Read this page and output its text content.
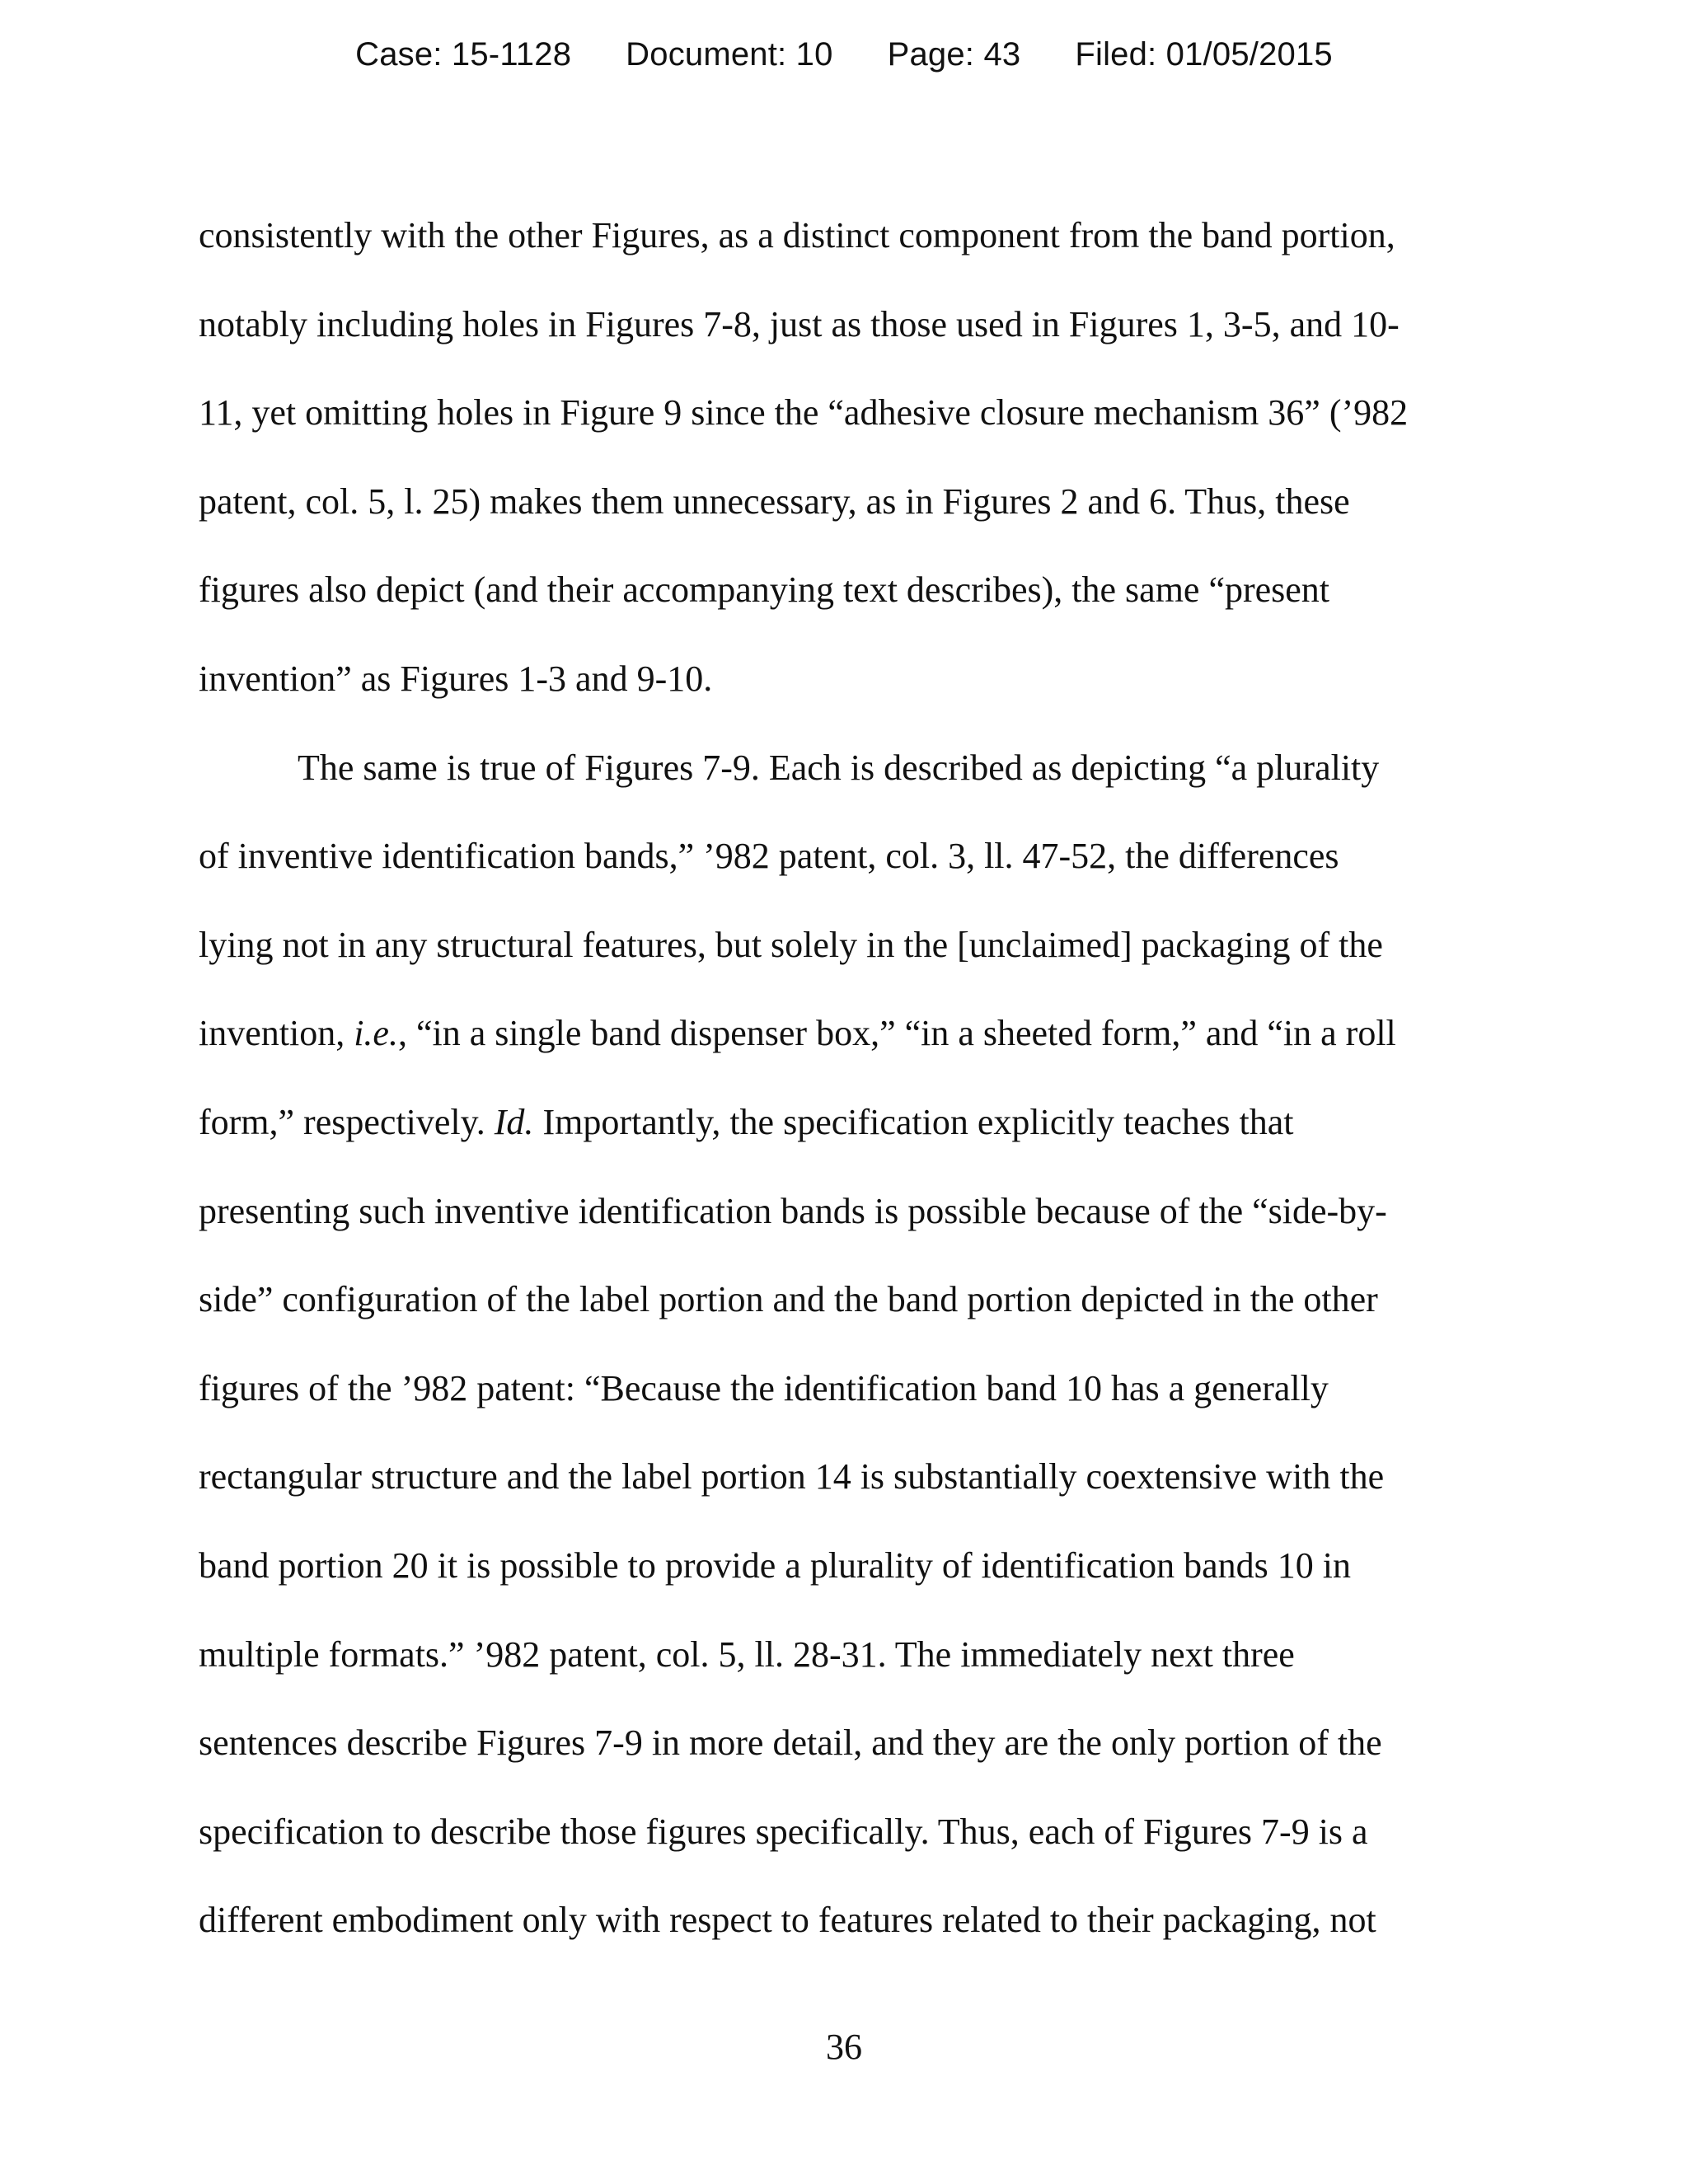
Case: 15-1128 Document: 10 Page: 43 Filed: 01/05/2015
consistently with the other Figures, as a distinct component from the band portion,
notably including holes in Figures 7-8, just as those used in Figures 1, 3-5, and 10-
11, yet omitting holes in Figure 9 since the “adhesive closure mechanism 36” (’982
patent, col. 5, l. 25) makes them unnecessary, as in Figures 2 and 6. Thus, these
figures also depict (and their accompanying text describes), the same “present
invention” as Figures 1-3 and 9-10.
The same is true of Figures 7-9. Each is described as depicting “a plurality
of inventive identification bands,” ’982 patent, col. 3, ll. 47-52, the differences
lying not in any structural features, but solely in the [unclaimed] packaging of the
invention, i.e., “in a single band dispenser box,” “in a sheeted form,” and “in a roll
form,” respectively. Id. Importantly, the specification explicitly teaches that
presenting such inventive identification bands is possible because of the “side-by-
side” configuration of the label portion and the band portion depicted in the other
figures of the ’982 patent: “Because the identification band 10 has a generally
rectangular structure and the label portion 14 is substantially coextensive with the
band portion 20 it is possible to provide a plurality of identification bands 10 in
multiple formats.” ’982 patent, col. 5, ll. 28-31. The immediately next three
sentences describe Figures 7-9 in more detail, and they are the only portion of the
specification to describe those figures specifically. Thus, each of Figures 7-9 is a
different embodiment only with respect to features related to their packaging, not
36
